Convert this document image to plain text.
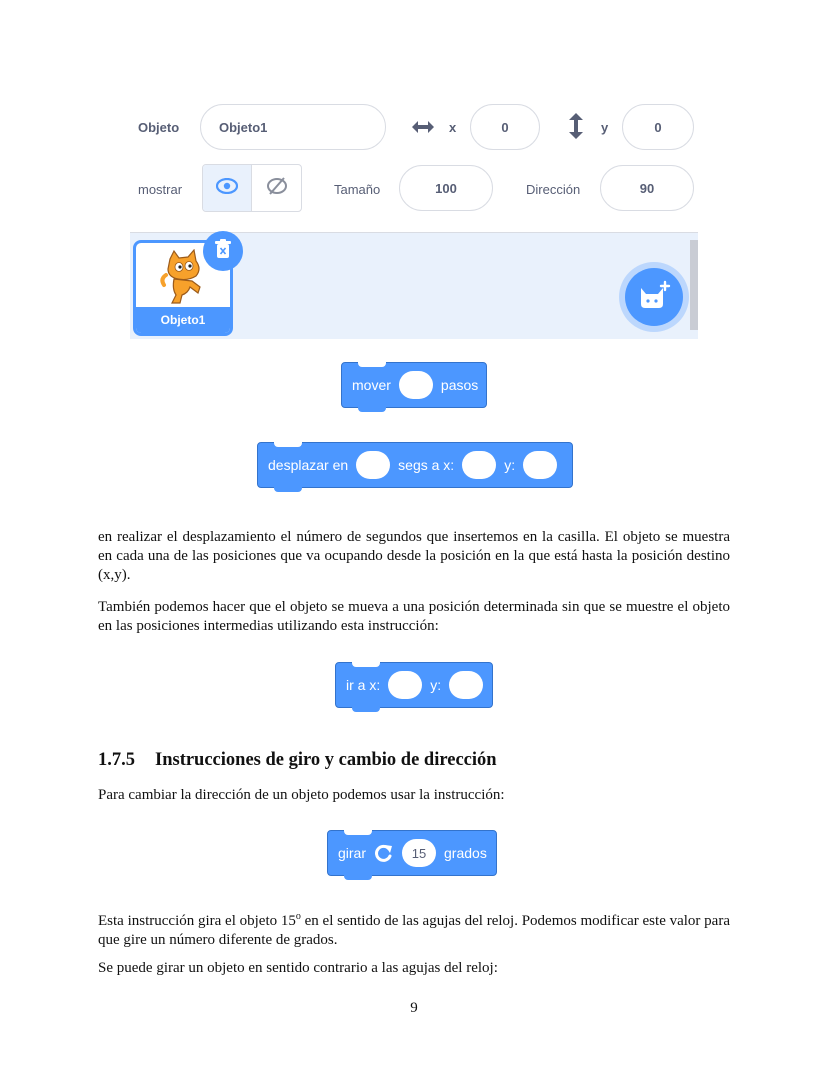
Objeto	Objeto1	x	0	y	0
mostrar	Tamaño	100	Dirección	90
Objeto1
mover	pasos
desplazar en	segs a x:	y:

en realizar el desplazamiento el número de segundos que insertemos en la casilla. El objeto se muestra en cada una de las posiciones que va ocupando desde la posición en la que está hasta la posición destino (x,y).

También podemos hacer que el objeto se mueva a una posición determinada sin que se muestre el objeto en las posiciones intermedias utilizando esta instrucción:

ir a x:	y:
1.7.5 Instrucciones de giro y cambio de dirección

Para cambiar la dirección de un objeto podemos usar la instrucción:

girar	15	grados

Esta instrucción gira el objeto 15$^o$ en el sentido de las agujas del reloj. Podemos modificar este valor para que gire un número diferente de grados.

Se puede girar un objeto en sentido contrario a las agujas del reloj:

9
